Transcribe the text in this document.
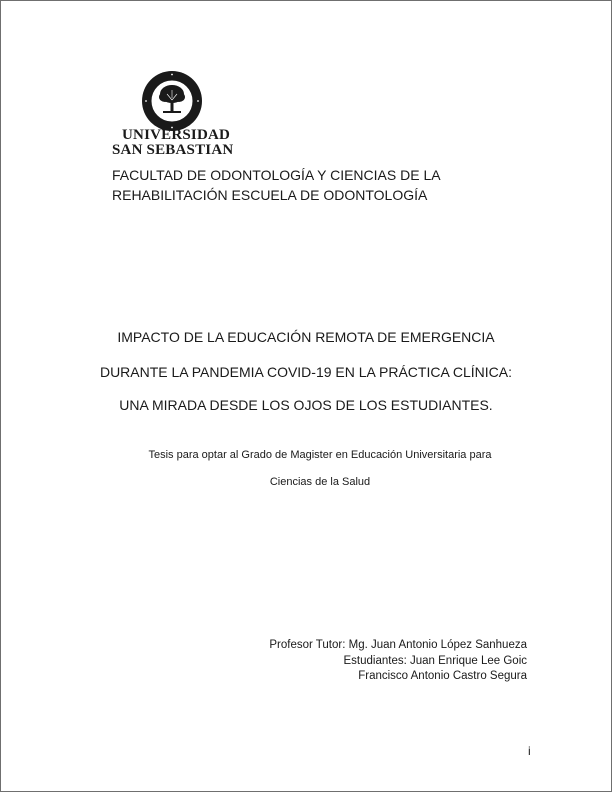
UNIVERSIDAD
SAN SEBASTIAN
FACULTAD DE ODONTOLOGÍA Y CIENCIAS DE LA
REHABILITACIÓN ESCUELA DE ODONTOLOGÍA
IMPACTO DE LA EDUCACIÓN REMOTA DE EMERGENCIA
DURANTE LA PANDEMIA COVID-19 EN LA PRÁCTICA CLÍNICA:
UNA MIRADA DESDE LOS OJOS DE LOS ESTUDIANTES.
Tesis para optar al Grado de Magister en Educación Universitaria para
Ciencias de la Salud
Profesor Tutor: Mg. Juan Antonio López Sanhueza
Estudiantes: Juan Enrique Lee Goic
Francisco Antonio Castro Segura
i
